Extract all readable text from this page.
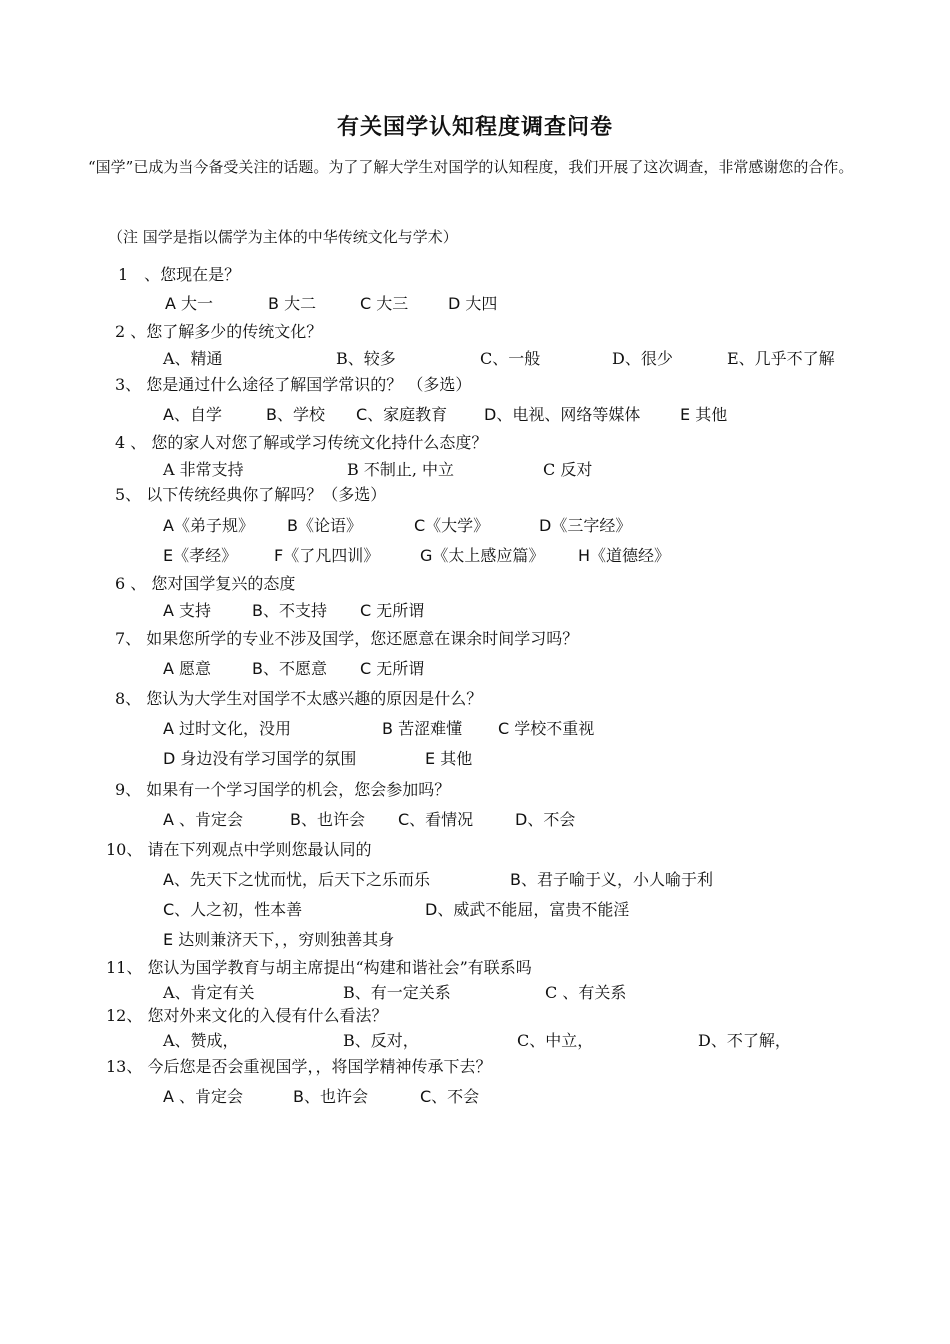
有关国学认知程度调查问卷
“国学”已成为当今备受关注的话题。为了了解大学生对国学的认知程度，我们开展了这次调查，非常感谢您的合作。
（注 国学是指以儒学为主体的中华传统文化与学术）
1　、您现在是？
A 大一	B 大二	C 大三 D 大四
2 、您了解多少的传统文化？
A、精通	B、较多	C、一般	D、很少	E、几乎不了解
3、 您是通过什么途径了解国学常识的？ （多选）
A、自学	B、学校 C、家庭教育 D、电视、网络等媒体 E 其他
4 、 您的家人对您了解或学习传统文化持什么态度？
A 非常支持	B 不制止, 中立	C 反对
5、 以下传统经典你了解吗？（多选）
A《弟子规》 B《论语》	C《大学》	D《三字经》
E《孝经》 F《了凡四训》	G《太上感应篇》 H《道德经》
6 、 您对国学复兴的态度
A 支持	B、不支持 C 无所谓
7、 如果您所学的专业不涉及国学，您还愿意在课余时间学习吗？
A 愿意	B、不愿意 C 无所谓
8、 您认为大学生对国学不太感兴趣的原因是什么？
A 过时文化，没用	B 苦涩难懂 C 学校不重视
D 身边没有学习国学的氛围	E 其他
9、 如果有一个学习国学的机会，您会参加吗？
A 、肯定会	B、也许会 C、看情况	D、不会
10、 请在下列观点中学则您最认同的
A、先天下之忧而忧，后天下之乐而乐	B、君子喻于义，小人喻于利
C、人之初，性本善	D、威武不能屈，富贵不能淫
E 达则兼济天下，，穷则独善其身
11、 您认为国学教育与胡主席提出“构建和谐社会”有联系吗
A、肯定有关	B、有一定关系	C 、有关系
12、 您对外来文化的入侵有什么看法？
A、赞成，	B、反对，	C、中立，	D、不了解，
13、 今后您是否会重视国学，，将国学精神传承下去？
A 、肯定会	B、也许会	C、不会
